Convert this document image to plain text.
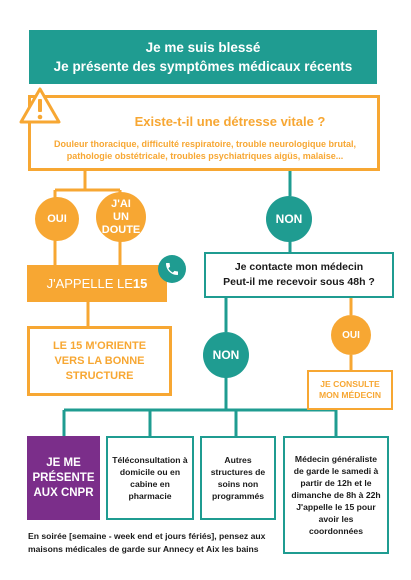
Je me suis blessé
Je présente des symptômes médicaux récents
Existe-t-il une détresse vitale ?
Douleur thoracique, difficulté respiratoire, trouble neurologique brutal,
pathologie obstétricale, troubles psychiatriques aigüs, malaise...
OUI
J'AI UN DOUTE
NON
J'APPELLE LE 15
LE 15 M'ORIENTE VERS LA BONNE STRUCTURE
Je contacte mon médecin
Peut-il me recevoir sous 48h ?
NON
OUI
JE CONSULTE MON MÉDECIN
JE ME PRÉSENTE AUX CNPR
Téléconsultation à domicile ou en cabine en pharmacie
Autres structures de soins non programmés
Médecin généraliste de garde le samedi à partir de 12h et le dimanche de 8h à 22h J'appelle le 15 pour avoir les coordonnées
En soirée [semaine - week end et jours fériés], pensez aux maisons médicales de garde sur Annecy et Aix les bains
